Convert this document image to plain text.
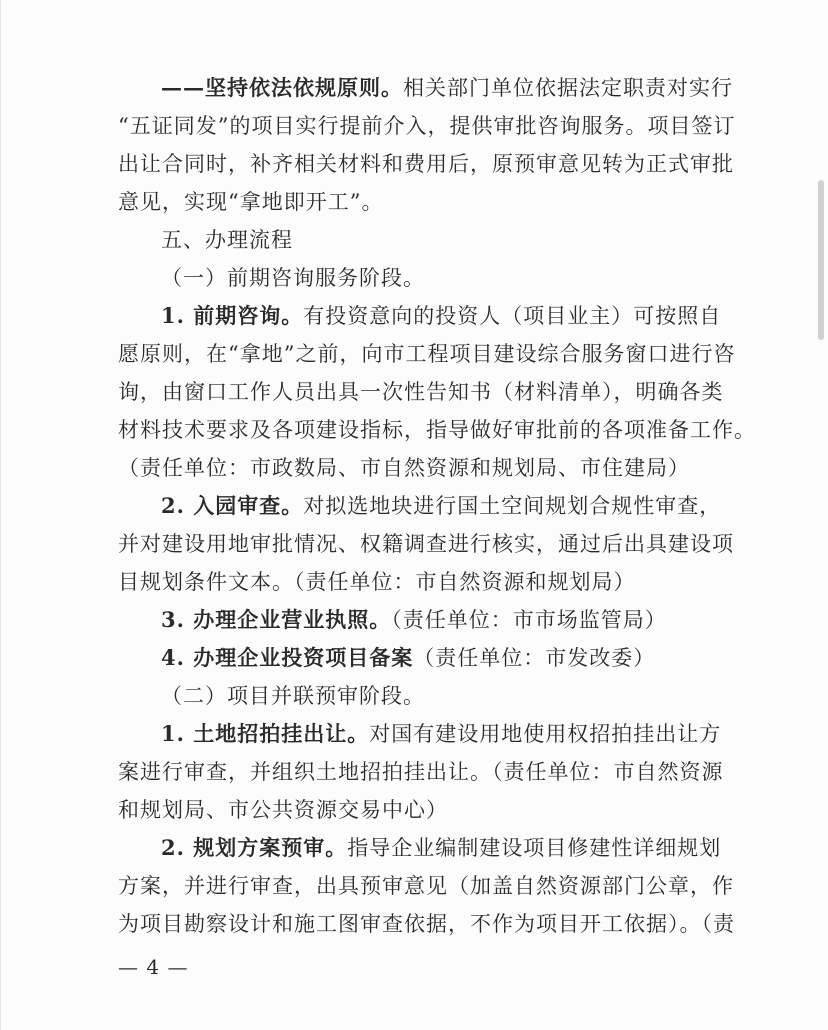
——坚持依法依规原则。相关部门单位依据法定职责对实行
“五证同发”的项目实行提前介入，提供审批咨询服务。项目签订
出让合同时，补齐相关材料和费用后，原预审意见转为正式审批
意见，实现“拿地即开工”。
五、办理流程
（一）前期咨询服务阶段。
1. 前期咨询。有投资意向的投资人（项目业主）可按照自
愿原则，在“拿地”之前，向市工程项目建设综合服务窗口进行咨
询，由窗口工作人员出具一次性告知书（材料清单），明确各类
材料技术要求及各项建设指标，指导做好审批前的各项准备工作。
（责任单位：市政数局、市自然资源和规划局、市住建局）
2. 入园审查。对拟选地块进行国土空间规划合规性审查，
并对建设用地审批情况、权籍调查进行核实，通过后出具建设项
目规划条件文本。（责任单位：市自然资源和规划局）
3. 办理企业营业执照。（责任单位：市市场监管局）
4. 办理企业投资项目备案（责任单位：市发改委）
（二）项目并联预审阶段。
1. 土地招拍挂出让。对国有建设用地使用权招拍挂出让方
案进行审查，并组织土地招拍挂出让。（责任单位：市自然资源
和规划局、市公共资源交易中心）
2. 规划方案预审。指导企业编制建设项目修建性详细规划
方案，并进行审查，出具预审意见（加盖自然资源部门公章，作
为项目勘察设计和施工图审查依据，不作为项目开工依据）。（责
— 4 —
